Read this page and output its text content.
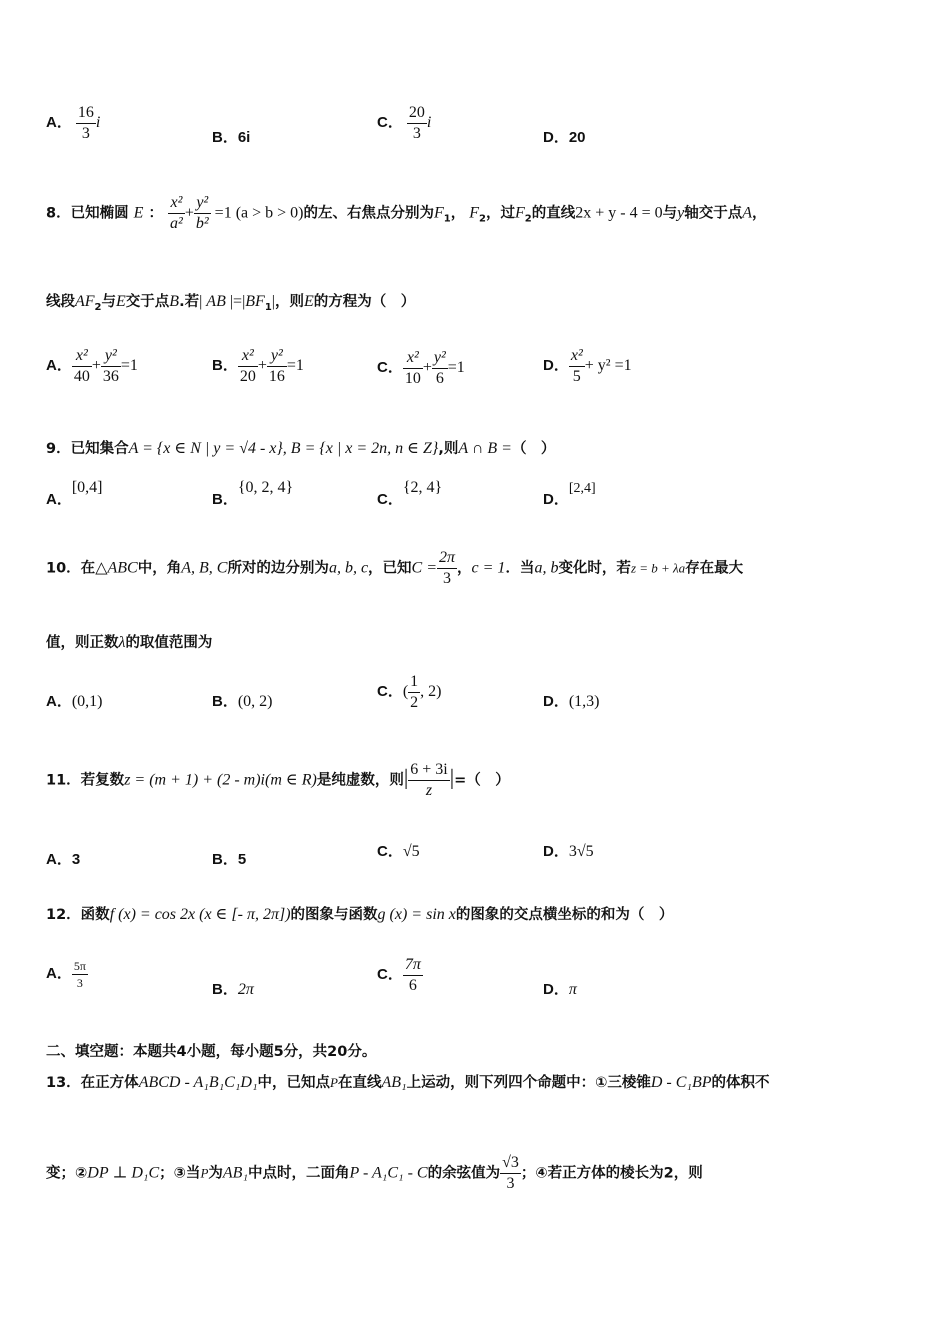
A． $\frac{16}{3}$ i
B．6i
C． $\frac{20}{3}$ i
D．20
8．已知椭圆 E ： $\frac{\text{x²}}{\text{a²}} + \frac{\text{y²}}{\text{b²}} =1$ (a > b > 0)的左、右焦点分别为$F_1$， $F_2$，过$F_2$的直线2x + y - 4 = 0与y轴交于点A，
线段$AF_2$与E交于点B.若| AB $|=|BF_1|$，则E的方程为（　）
A． $\frac{\text{x²}}{40} + \frac{\text{y²}}{36} =1$	B． $\frac{\text{x²}}{20} + \frac{\text{y²}}{16} =1$	C． $\frac{\text{x²}}{10} + \frac{\text{y²}}{6} =1$	D． $\frac{\text{x²}}{5} + y^2 =1$
9．已知集合A = {x ∈ N | y = √4 - x}, B = {x | x = 2n, n ∈ Z},则A ∩ B =（　）
A．[0,4]
B．{0, 2, 4}
C．{2, 4}
D．[2,4]
10．在△ABC中，角A, B, C所对的边分别为a, b, c，已知$C = \frac{2\pi}{3}$ ，c = 1．当a, b变化时，若z = b + λa存在最大
值，则正数λ的取值范围为
A．(0,1)	B．(0, 2)
C．( $\frac{1}{2}$ , 2)
D．(1,3)
11．若复数z = (m + 1) + (2 - m)i(m ∈ R)是纯虚数，则| $\frac{6 + 3i}{z}$ |=（　）
A．3	B．5	C．√5	D．3√5
12．函数f (x) = cos 2x (x ∈ [- π, 2π])的图象与函数g (x) = sin x的图象的交点横坐标的和为（　）
A． $\frac{5\pi}{3}$	B．2π
C． $\frac{7\pi}{6}$	D．π
二、填空题：本题共4小题，每小题5分，共20分。
13．在正方体ABCD - A₁B₁C₁D₁中，已知点P在直线AB₁上运动，则下列四个命题中：①三棱锥D - C₁BP的体积不
变；②DP ⊥ D₁C；③当P为AB₁中点时，二面角P - A₁C₁ - C的余弦值为 $\frac{√3}{3}$ ；④若正方体的棱长为2，则
